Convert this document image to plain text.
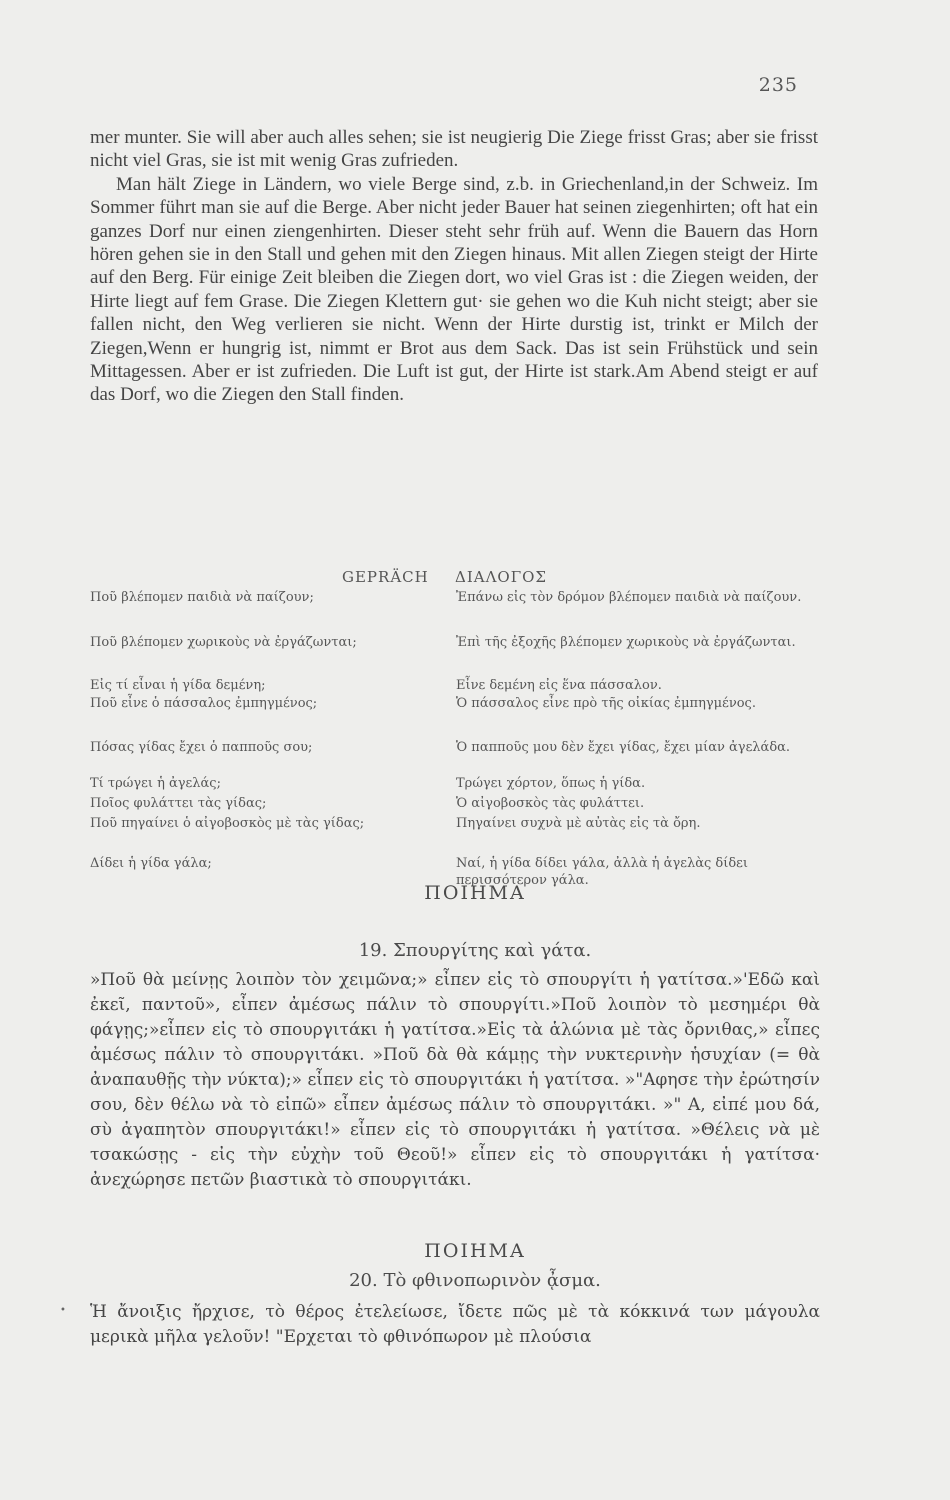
235

mer munter. Sie will aber auch alles sehen; sie ist neugierig Die Ziege frisst Gras; aber sie frisst nicht viel Gras, sie ist mit wenig Gras zufrieden.

Man hält Ziege in Ländern, wo viele Berge sind, z.b. in Griechenland,in der Schweiz. Im Sommer führt man sie auf die Berge. Aber nicht jeder Bauer hat seinen ziegenhirten; oft hat ein ganzes Dorf nur einen ziengenhirten. Dieser steht sehr früh auf. Wenn die Bauern das Horn hören gehen sie in den Stall und gehen mit den Ziegen hinaus. Mit allen Ziegen steigt der Hirte auf den Berg. Für einige Zeit bleiben die Ziegen dort, wo viel Gras ist : die Ziegen weiden, der Hirte liegt auf fem Grase. Die Ziegen Klettern gut· sie gehen wo die Kuh nicht steigt; aber sie fallen nicht, den Weg verlieren sie nicht. Wenn der Hirte durstig ist, trinkt er Milch der Ziegen,Wenn er hungrig ist, nimmt er Brot aus dem Sack. Das ist sein Frühstück und sein Mittagessen. Aber er ist zufrieden. Die Luft ist gut, der Hirte ist stark.Am Abend steigt er auf das Dorf, wo die Ziegen den Stall finden.

GEPRÄCH ΔΙΑΛΟΓΟΣ
Ποῦ βλέπομεν παιδιὰ νὰ παίζουν;	Ἐπάνω εἰς τὸν δρόμον βλέπομεν παιδιὰ νὰ παίζουν.
Ποῦ βλέπομεν χωρικοὺς νὰ ἐργάζωνται;	Ἐπὶ τῆς ἐξοχῆς βλέπομεν χωρικοὺς νὰ ἐργάζωνται.
Εἰς τί εἶναι ἡ γίδα δεμένη;	Εἶνε δεμένη εἰς ἕνα πάσσαλον.
Ποῦ εἶνε ὁ πάσσαλος ἐμπηγμένος;	Ὁ πάσσαλος εἶνε πρὸ τῆς οἰκίας ἐμπηγμένος.
Πόσας γίδας ἔχει ὁ παπποῦς σου;	Ὁ παπποῦς μου δὲν ἔχει γίδας, ἔχει μίαν ἀγελάδα.
Τί τρώγει ἡ ἀγελάς;	Τρώγει χόρτον, ὅπως ἡ γίδα.
Ποῖος φυλάττει τὰς γίδας;	Ὁ αἰγοβοσκὸς τὰς φυλάττει.
Ποῦ πηγαίνει ὁ αἰγοβοσκὸς μὲ τὰς γίδας;	Πηγαίνει συχνὰ μὲ αὐτὰς εἰς τὰ ὄρη.
Δίδει ἡ γίδα γάλα;	Ναί, ἡ γίδα δίδει γάλα, ἀλλὰ ἡ ἀγελὰς δίδει περισσότερον γάλα.
ΠΟΙΗΜΑ
19. Σπουργίτης καὶ γάτα.

»Ποῦ θὰ μείνῃς λοιπὸν τὸν χειμῶνα;» εἶπεν εἰς τὸ σπουργίτι ἡ γατίτσα.»'Εδῶ καὶ ἐκεῖ, παντοῦ», εἶπεν ἀμέσως πάλιν τὸ σπουργίτι.»Ποῦ λοιπὸν τὸ μεσημέρι θὰ φάγῃς;»εἶπεν εἰς τὸ σπουργιτάκι ἡ γατίτσα.»Εἰς τὰ ἁλώνια μὲ τὰς ὄρνιθας,» εἶπες ἀμέσως πάλιν τὸ σπουργιτάκι. »Ποῦ δὰ θὰ κάμῃς τὴν νυκτερινὴν ἡσυχίαν (= θὰ ἀναπαυθῇς τὴν νύκτα);» εἶπεν εἰς τὸ σπουργιτάκι ἡ γατίτσα. »"Αφησε τὴν ἐρώτησίν σου, δὲν θέλω νὰ τὸ εἰπῶ» εἶπεν ἀμέσως πάλιν τὸ σπουργιτάκι. »" Α, εἰπέ μου δά, σὺ ἀγαπητὸν σπουργιτάκι!» εἶπεν εἰς τὸ σπουργιτάκι ἡ γατίτσα. »Θέλεις νὰ μὲ τσακώσῃς - εἰς τὴν εὐχὴν τοῦ Θεοῦ!» εἶπεν εἰς τὸ σπουργιτάκι ἡ γατίτσα· ἀνεχώρησε πετῶν βιαστικὰ τὸ σπουργιτάκι.

ΠΟΙΗΜΑ
20. Τὸ φθινοπωρινὸν ᾆσμα.
• Ἡ ἄνοιξις ἤρχισε, τὸ θέρος ἐτελείωσε, ἴδετε πῶς μὲ τὰ κόκκινά των μάγουλα μερικὰ μῆλα γελοῦν! "Ερχεται τὸ φθινόπωρον μὲ πλούσια
